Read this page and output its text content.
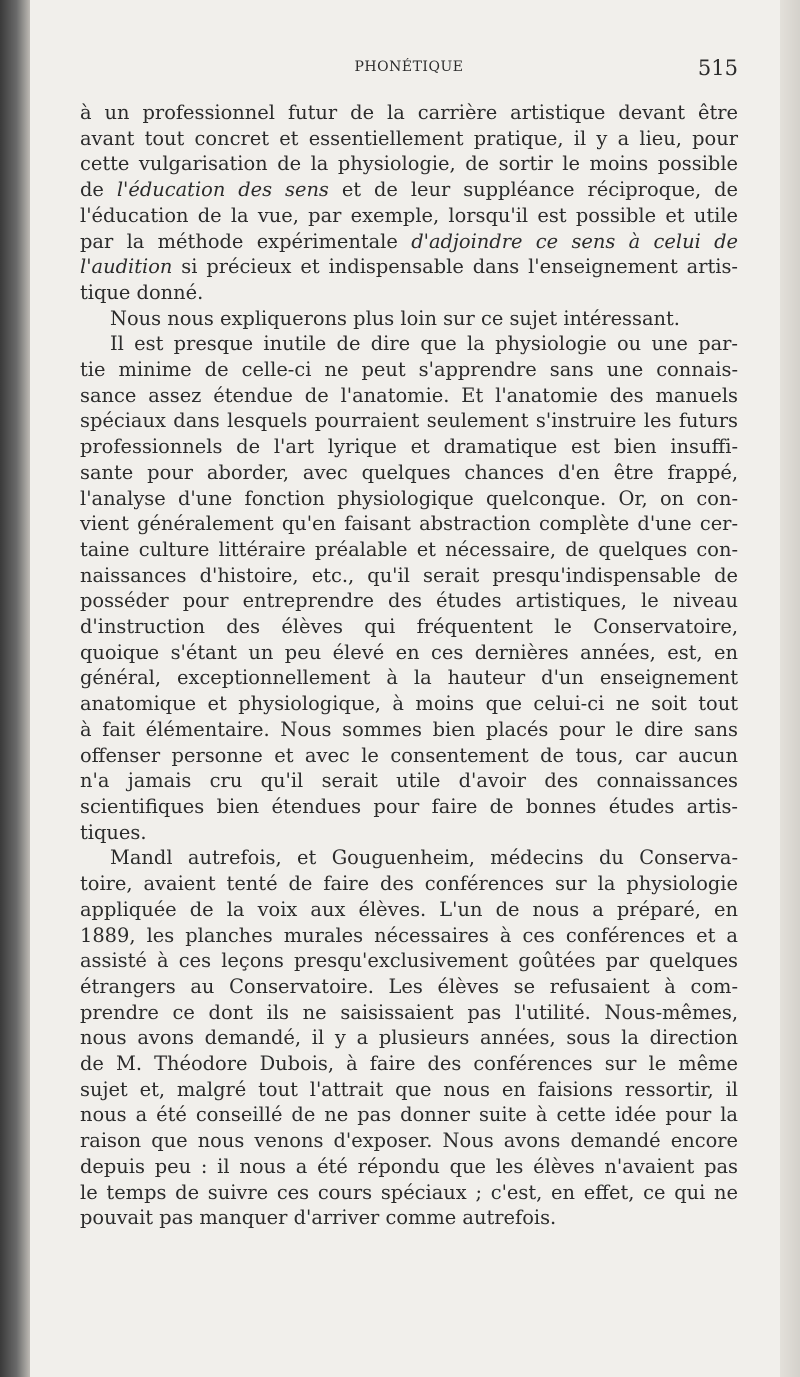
PHONÉTIQUE	515
à un professionnel futur de la carrière artistique devant être
avant tout concret et essentiellement pratique, il y a lieu, pour
cette vulgarisation de la physiologie, de sortir le moins possible
de l'éducation des sens et de leur suppléance réciproque, de
l'éducation de la vue, par exemple, lorsqu'il est possible et utile
par la méthode expérimentale d'adjoindre ce sens à celui de
l'audition si précieux et indispensable dans l'enseignement artis-
tique donné.
Nous nous expliquerons plus loin sur ce sujet intéressant.
Il est presque inutile de dire que la physiologie ou une par-
tie minime de celle-ci ne peut s'apprendre sans une connais-
sance assez étendue de l'anatomie. Et l'anatomie des manuels
spéciaux dans lesquels pourraient seulement s'instruire les futurs
professionnels de l'art lyrique et dramatique est bien insuffi-
sante pour aborder, avec quelques chances d'en être frappé,
l'analyse d'une fonction physiologique quelconque. Or, on con-
vient généralement qu'en faisant abstraction complète d'une cer-
taine culture littéraire préalable et nécessaire, de quelques con-
naissances d'histoire, etc., qu'il serait presqu'indispensable de
posséder pour entreprendre des études artistiques, le niveau
d'instruction des élèves qui fréquentent le Conservatoire,
quoique s'étant un peu élevé en ces dernières années, est, en
général, exceptionnellement à la hauteur d'un enseignement
anatomique et physiologique, à moins que celui-ci ne soit tout
à fait élémentaire. Nous sommes bien placés pour le dire sans
offenser personne et avec le consentement de tous, car aucun
n'a jamais cru qu'il serait utile d'avoir des connaissances
scientifiques bien étendues pour faire de bonnes études artis-
tiques.
Mandl autrefois, et Gouguenheim, médecins du Conserva-
toire, avaient tenté de faire des conférences sur la physiologie
appliquée de la voix aux élèves. L'un de nous a préparé, en
1889, les planches murales nécessaires à ces conférences et a
assisté à ces leçons presqu'exclusivement goûtées par quelques
étrangers au Conservatoire. Les élèves se refusaient à com-
prendre ce dont ils ne saisissaient pas l'utilité. Nous-mêmes,
nous avons demandé, il y a plusieurs années, sous la direction
de M. Théodore Dubois, à faire des conférences sur le même
sujet et, malgré tout l'attrait que nous en faisions ressortir, il
nous a été conseillé de ne pas donner suite à cette idée pour la
raison que nous venons d'exposer. Nous avons demandé encore
depuis peu : il nous a été répondu que les élèves n'avaient pas
le temps de suivre ces cours spéciaux ; c'est, en effet, ce qui ne
pouvait pas manquer d'arriver comme autrefois.
